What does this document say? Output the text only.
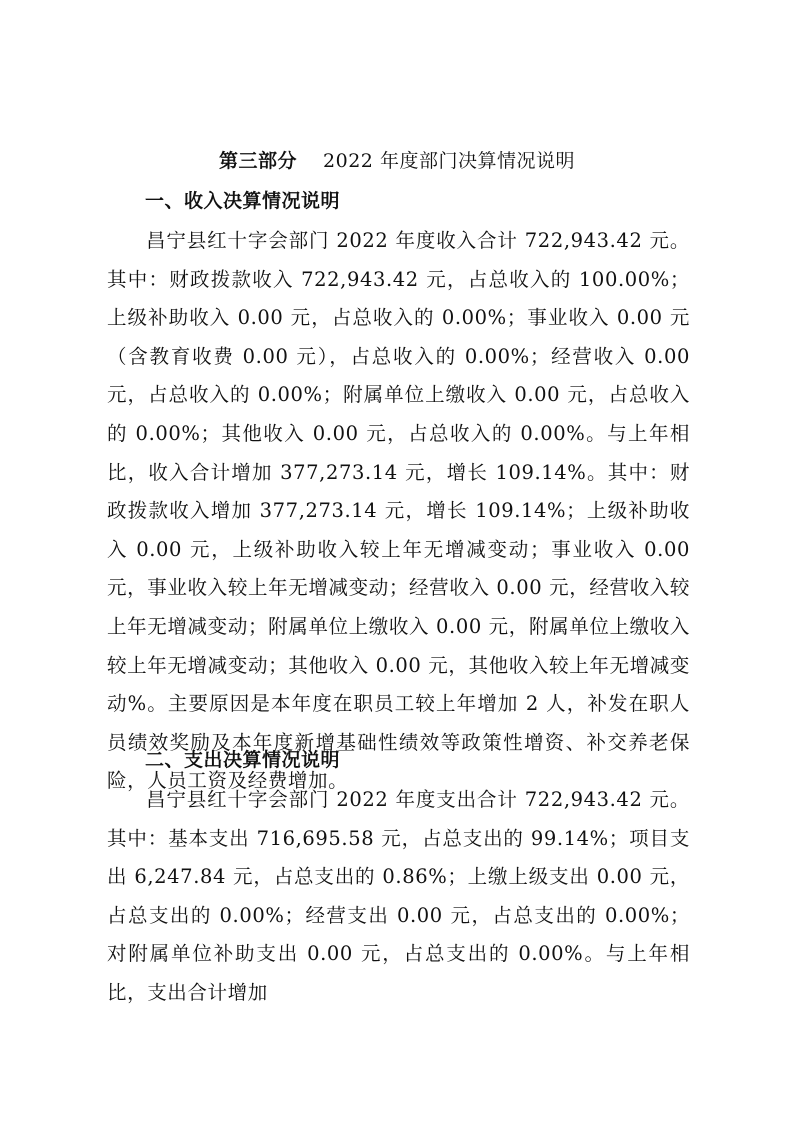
第三部分 2022 年度部门决算情况说明
一、收入决算情况说明
昌宁县红十字会部门 2022 年度收入合计 722,943.42 元。其中：财政拨款收入 722,943.42 元，占总收入的 100.00%；上级补助收入 0.00 元，占总收入的 0.00%；事业收入 0.00 元（含教育收费 0.00 元），占总收入的 0.00%；经营收入 0.00 元，占总收入的 0.00%；附属单位上缴收入 0.00 元，占总收入的 0.00%；其他收入 0.00 元，占总收入的 0.00%。与上年相比，收入合计增加 377,273.14 元，增长 109.14%。其中：财政拨款收入增加 377,273.14 元，增长 109.14%；上级补助收入 0.00 元，上级补助收入较上年无增减变动；事业收入 0.00 元，事业收入较上年无增减变动；经营收入 0.00 元，经营收入较上年无增减变动；附属单位上缴收入 0.00 元，附属单位上缴收入较上年无增减变动；其他收入 0.00 元，其他收入较上年无增减变动%。主要原因是本年度在职员工较上年增加 2 人，补发在职人员绩效奖励及本年度新增基础性绩效等政策性增资、补交养老保险，人员工资及经费增加。
二、支出决算情况说明
昌宁县红十字会部门 2022 年度支出合计 722,943.42 元。其中：基本支出 716,695.58 元，占总支出的 99.14%；项目支出 6,247.84 元，占总支出的 0.86%；上缴上级支出 0.00 元，占总支出的 0.00%；经营支出 0.00 元，占总支出的 0.00%；对附属单位补助支出 0.00 元，占总支出的 0.00%。与上年相比，支出合计增加
